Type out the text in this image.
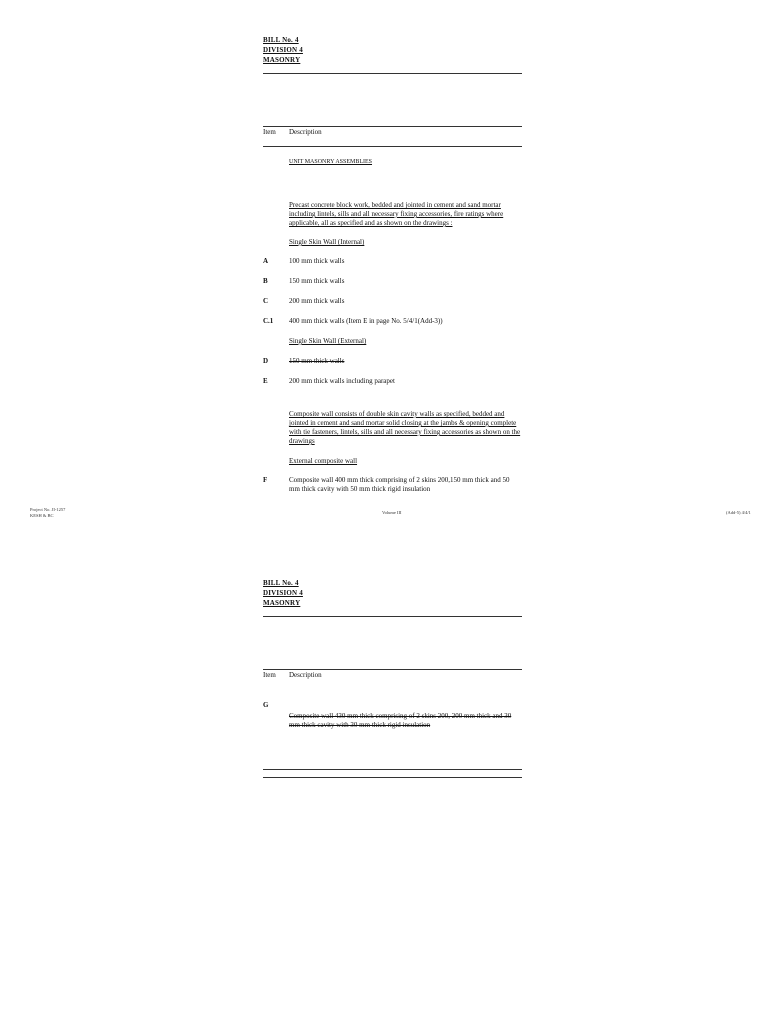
BILL No. 4
DIVISION 4
MASONRY
Item Description
UNIT MASONRY ASSEMBLIES
Precast concrete block work, bedded and jointed in cement and sand mortar including lintels, sills and all necessary fixing accessories, fire ratings where applicable, all as specified and as shown on the drawings :
Single Skin Wall (Internal)
A	100 mm thick walls
B	150 mm thick walls
C	200 mm thick walls
C.1 400 mm thick walls (Item E in page No. 5/4/1(Add-3))
Single Skin Wall (External)
D	150 mm thick walls
E	200 mm thick walls including parapet
Composite wall consists of double skin cavity walls as specified, bedded and jointed in cement and sand mortar solid closing at the jambs & opening complete with tie fasteners, lintels, sills and all necessary fixing accessories as shown on the drawings
External composite wall
F	Composite wall 400 mm thick comprising of 2 skins 200,150 mm thick and 50 mm thick cavity with 50 mm thick rigid insulation
Project No. JI-1257
KESH & BC
Volume III	(Add-5) 4/4/1
BILL No. 4
DIVISION 4
MASONRY
Item Description
G
Composite wall 430 mm thick comprising of 2 skins 200, 200 mm thick and 30 mm thick cavity with 30 mm thick rigid insulation
